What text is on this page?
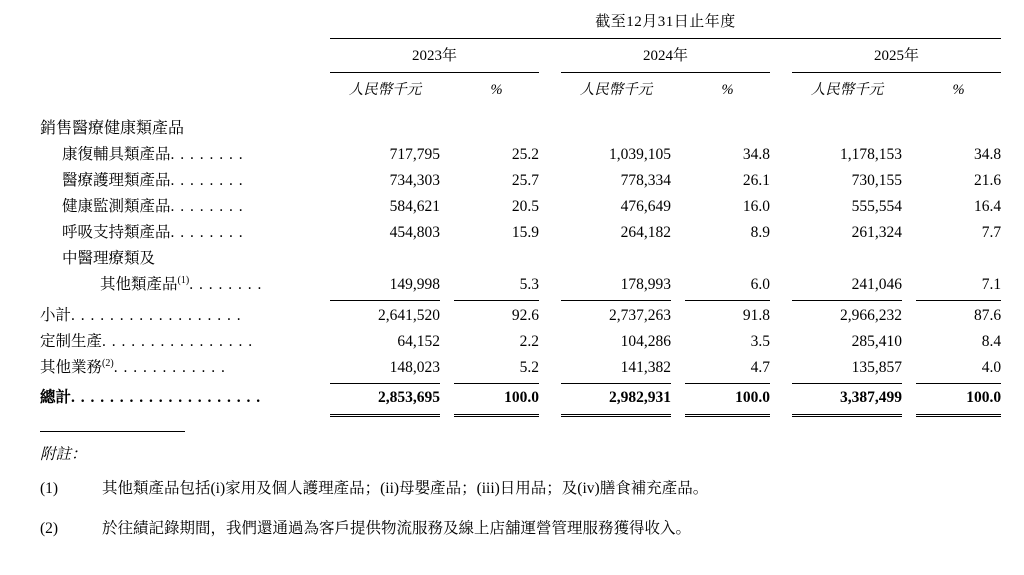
	截至12月31日止年度										

	2023年				2024年				2025年		

	人民幣千元		%		人民幣千元		%		人民幣千元		%
銷售醫療健康類產品											
康復輔具類產品. . . . . . . .	717,795		25.2		1,039,105		34.8		1,178,153		34.8
醫療護理類產品. . . . . . . .	734,303		25.7		778,334		26.1		730,155		21.6
健康監測類產品. . . . . . . .	584,621		20.5		476,649		16.0		555,554		16.4
呼吸支持類產品. . . . . . . .	454,803		15.9		264,182		8.9		261,324		7.7
中醫理療類及											
其他類產品$^{(1)}$. . . . . . . .	149,998		5.3		178,993		6.0		241,046		7.1

小計. . . . . . . . . . . . . . . . . .	2,641,520		92.6		2,737,263		91.8		2,966,232		87.6
定制生產. . . . . . . . . . . . . . . .	64,152		2.2		104,286		3.5		285,410		8.4
其他業務$^{(2)}$. . . . . . . . . . . .	148,023		5.2		141,382		4.7		135,857		4.0

總計. . . . . . . . . . . . . . . . . . . .	2,853,695		100.0		2,982,931		100.0		3,387,499		100.0

附註：
(1)	其他類產品包括(i)家用及個人護理產品；(ii)母嬰產品；(iii)日用品；及(iv)膳食補充產品。
(2)	於往績記錄期間，我們還通過為客戶提供物流服務及線上店舖運營管理服務獲得收入。
